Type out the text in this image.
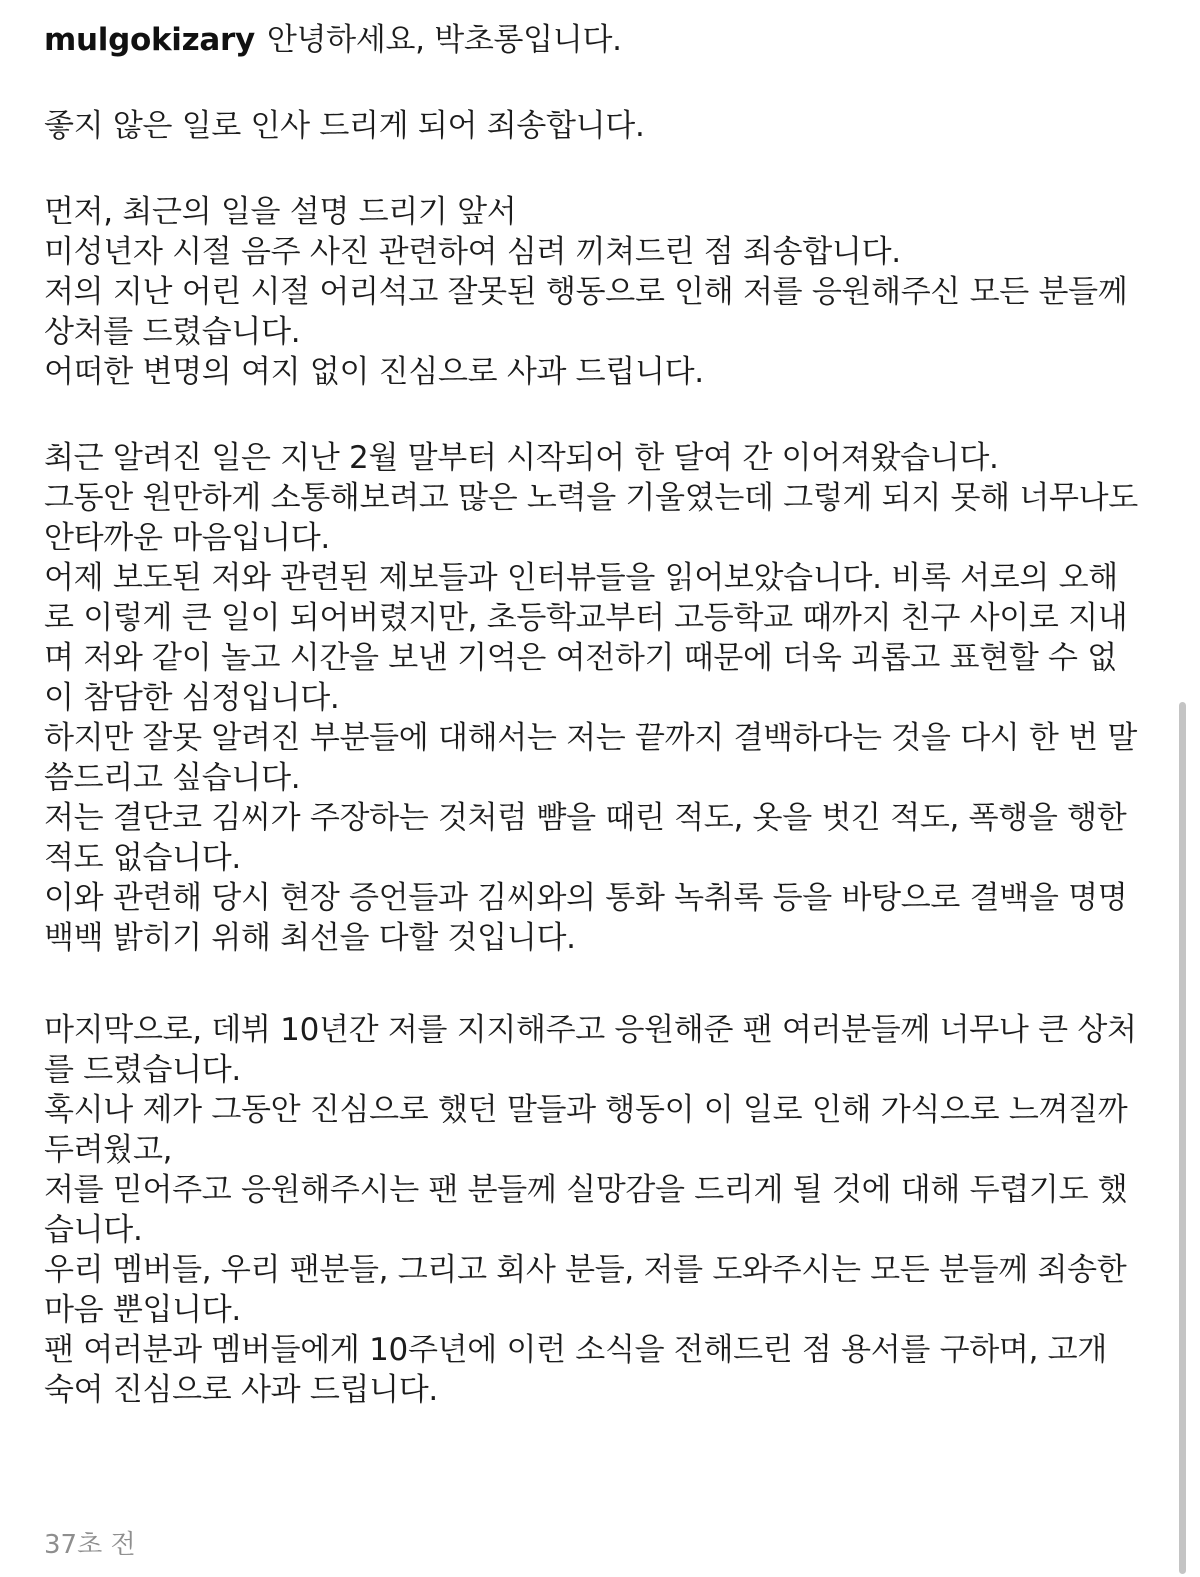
mulgokizary 안녕하세요, 박초롱입니다.
좋지 않은 일로 인사 드리게 되어 죄송합니다.
먼저, 최근의 일을 설명 드리기 앞서
미성년자 시절 음주 사진 관련하여 심려 끼쳐드린 점 죄송합니다.
저의 지난 어린 시절 어리석고 잘못된 행동으로 인해 저를 응원해주신 모든 분들께
상처를 드렸습니다.
어떠한 변명의 여지 없이 진심으로 사과 드립니다.
최근 알려진 일은 지난 2월 말부터 시작되어 한 달여 간 이어져왔습니다.
그동안 원만하게 소통해보려고 많은 노력을 기울였는데 그렇게 되지 못해 너무나도
안타까운 마음입니다.
어제 보도된 저와 관련된 제보들과 인터뷰들을 읽어보았습니다. 비록 서로의 오해
로 이렇게 큰 일이 되어버렸지만, 초등학교부터 고등학교 때까지 친구 사이로 지내
며 저와 같이 놀고 시간을 보낸 기억은 여전하기 때문에 더욱 괴롭고 표현할 수 없
이 참담한 심정입니다.
하지만 잘못 알려진 부분들에 대해서는 저는 끝까지 결백하다는 것을 다시 한 번 말
씀드리고 싶습니다.
저는 결단코 김씨가 주장하는 것처럼 뺨을 때린 적도, 옷을 벗긴 적도, 폭행을 행한
적도 없습니다.
이와 관련해 당시 현장 증언들과 김씨와의 통화 녹취록 등을 바탕으로 결백을 명명
백백 밝히기 위해 최선을 다할 것입니다.
마지막으로, 데뷔 10년간 저를 지지해주고 응원해준 팬 여러분들께 너무나 큰 상처
를 드렸습니다.
혹시나 제가 그동안 진심으로 했던 말들과 행동이 이 일로 인해 가식으로 느껴질까
두려웠고,
저를 믿어주고 응원해주시는 팬 분들께 실망감을 드리게 될 것에 대해 두렵기도 했
습니다.
우리 멤버들, 우리 팬분들, 그리고 회사 분들, 저를 도와주시는 모든 분들께 죄송한
마음 뿐입니다.
팬 여러분과 멤버들에게 10주년에 이런 소식을 전해드린 점 용서를 구하며, 고개
숙여 진심으로 사과 드립니다.
37초 전
